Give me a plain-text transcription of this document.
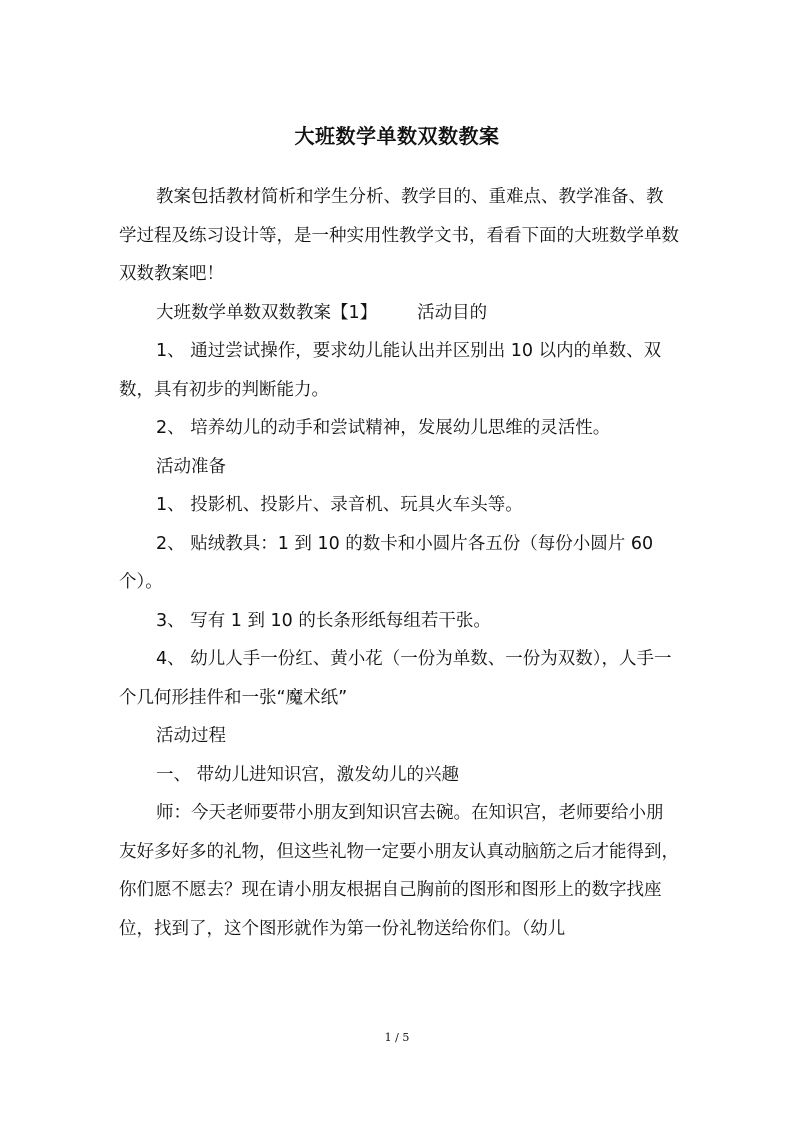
大班数学单数双数教案

教案包括教材简析和学生分析、教学目的、重难点、教学准备、教学过程及练习设计等，是一种实用性教学文书，看看下面的大班数学单数双数教案吧！

大班数学单数双数教案【1】 活动目的

1、 通过尝试操作，要求幼儿能认出并区别出 10 以内的单数、双数，具有初步的判断能力。

2、 培养幼儿的动手和尝试精神，发展幼儿思维的灵活性。

活动准备

1、 投影机、投影片、录音机、玩具火车头等。

2、 贴绒教具：1 到 10 的数卡和小圆片各五份（每份小圆片 60 个）。

3、 写有 1 到 10 的长条形纸每组若干张。

4、 幼儿人手一份红、黄小花（一份为单数、一份为双数），人手一个几何形挂件和一张“魔术纸”

活动过程

一、 带幼儿进知识宫，激发幼儿的兴趣

师：今天老师要带小朋友到知识宫去碗。在知识宫，老师要给小朋友好多好多的礼物，但这些礼物一定要小朋友认真动脑筋之后才能得到，你们愿不愿去？现在请小朋友根据自己胸前的图形和图形上的数字找座位，找到了，这个图形就作为第一份礼物送给你们。（幼儿

1 / 5
